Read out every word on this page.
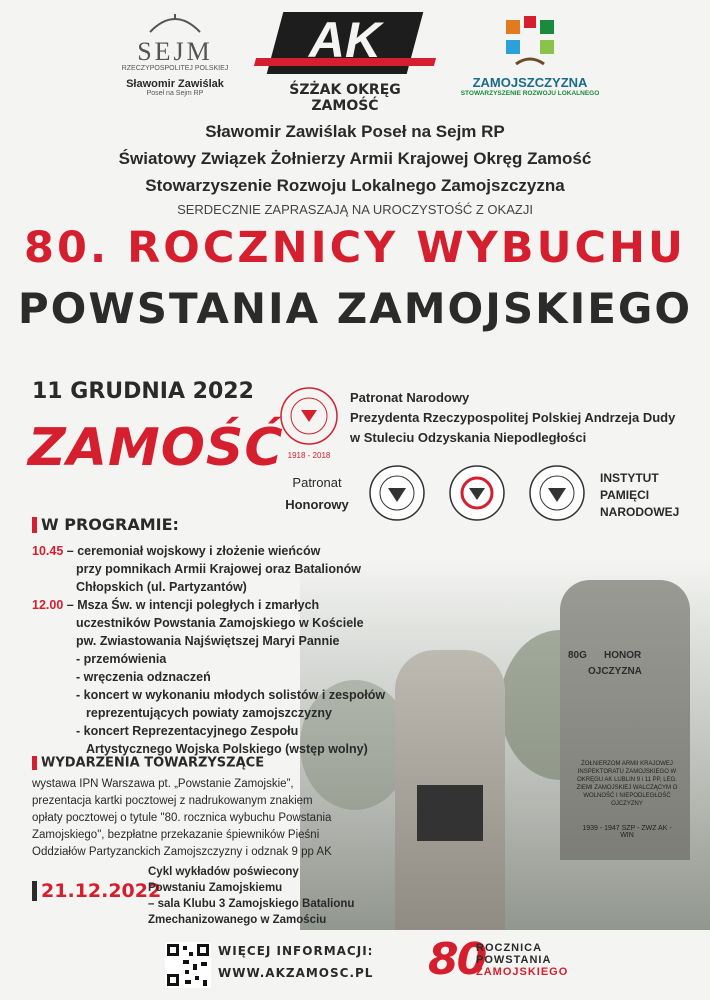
80G HONOR
OJCZYZNA
ŻOŁNIERZOM ARMII KRAJOWEJ INSPEKTORATU ZAMOJSKIEGO W OKRĘGU AK LUBLIN 9 i 11 PP, LEG. ZIEMI ZAMOJSKIEJ WALCZĄCYM O WOLNOŚĆ I NIEPODLEGŁOŚĆ OJCZYZNY
1939 - 1947 SZP - ZWZ AK - WIN
SEJM
RZECZYPOSPOLITEJ POLSKIEJ
Sławomir Zawiślak
Poseł na Sejm RP
AK
ŚZŻAK OKRĘG ZAMOŚĆ
ZAMOJSZCZYZNA
STOWARZYSZENIE ROZWOJU LOKALNEGO
Sławomir Zawiślak Poseł na Sejm RP
Światowy Związek Żołnierzy Armii Krajowej Okręg Zamość
Stowarzyszenie Rozwoju Lokalnego Zamojszczyzna
SERDECZNIE ZAPRASZAJĄ NA UROCZYSTOŚĆ Z OKAZJI
80. ROCZNICY WYBUCHU
POWSTANIA ZAMOJSKIEGO
11 GRUDNIA 2022
ZAMOŚĆ 1918 - 2018
Patronat Narodowy
Prezydenta Rzeczypospolitej Polskiej Andrzeja Dudy
w Stuleciu Odzyskania Niepodległości
Patronat
Honorowy
INSTYTUT
PAMIĘCI
NARODOWEJ
W PROGRAMIE:
10.45 – ceremoniał wojskowy i złożenie wieńców
przy pomnikach Armii Krajowej oraz Batalionów
Chłopskich (ul. Partyzantów)
12.00 – Msza Św. w intencji poległych i zmarłych
uczestników Powstania Zamojskiego w Kościele
pw. Zwiastowania Najświętszej Maryi Pannie
- przemówienia
- wręczenia odznaczeń
- koncert w wykonaniu młodych solistów i zespołów
reprezentujących powiaty zamojszczyzny
- koncert Reprezentacyjnego Zespołu
Artystycznego Wojska Polskiego (wstęp wolny)
WYDARZENIA TOWARZYSZĄCE
wystawa IPN Warszawa pt. „Powstanie Zamojskie”,
prezentacja kartki pocztowej z nadrukowanym znakiem
opłaty pocztowej o tytule "80. rocznica wybuchu Powstania
Zamojskiego", bezpłatne przekazanie śpiewników Pieśni
Oddziałów Partyzanckich Zamojszczyzny i odznak 9 pp AK
21.12.2022
Cykl wykładów poświecony
Powstaniu Zamojskiemu
– sala Klubu 3 Zamojskiego Batalionu
Zmechanizowanego w Zamościu
WIĘCEJ INFORMACJI:
WWW.AKZAMOSC.PL 80
ROCZNICA
POWSTANIA
ZAMOJSKIEGO
